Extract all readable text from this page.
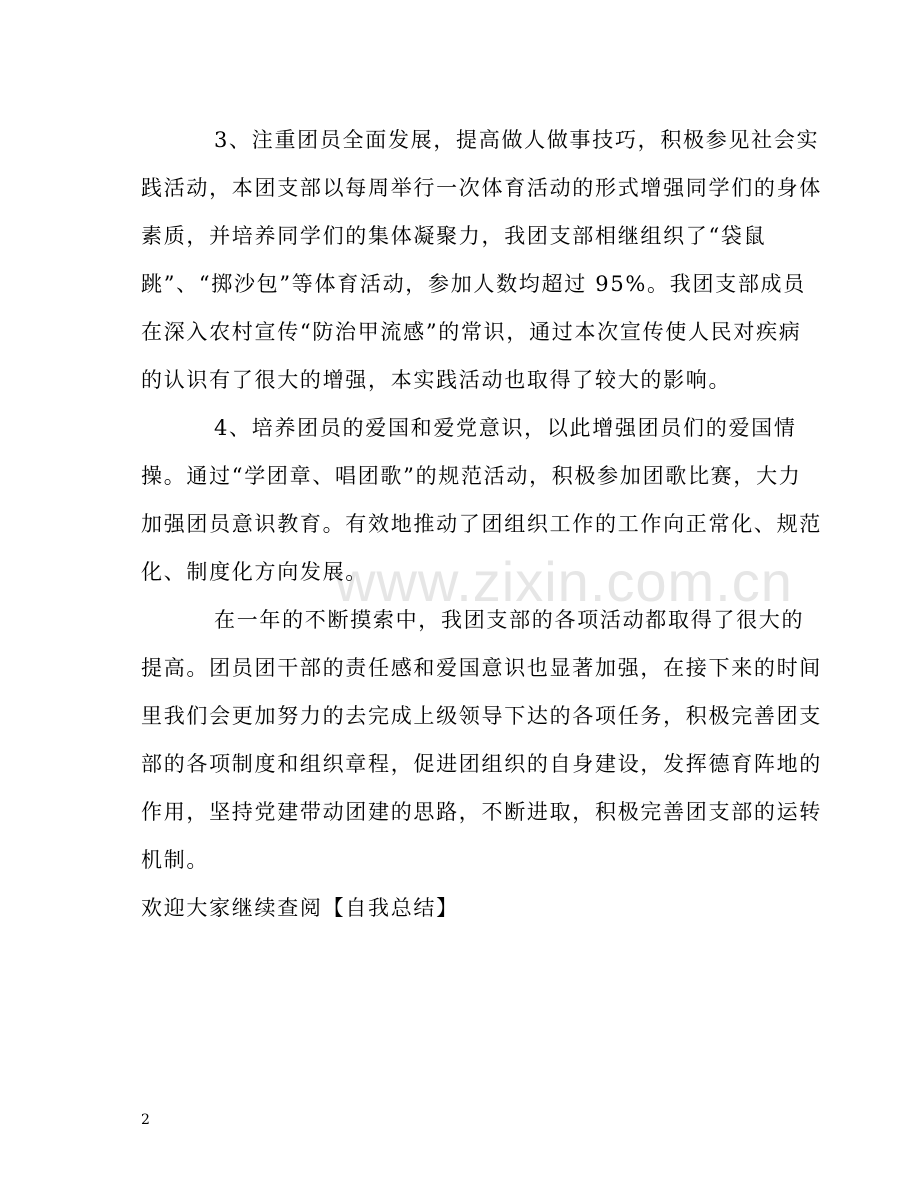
www.zixin.com.cn
3、注重团员全面发展，提高做人做事技巧，积极参见社会实
践活动，本团支部以每周举行一次体育活动的形式增强同学们的身体
素质，并培养同学们的集体凝聚力，我团支部相继组织了“袋鼠
跳”、“掷沙包”等体育活动，参加人数均超过 95%。我团支部成员
在深入农村宣传“防治甲流感”的常识，通过本次宣传使人民对疾病
的认识有了很大的增强，本实践活动也取得了较大的影响。
4、培养团员的爱国和爱党意识，以此增强团员们的爱国情
操。通过“学团章、唱团歌”的规范活动，积极参加团歌比赛，大力
加强团员意识教育。有效地推动了团组织工作的工作向正常化、规范
化、制度化方向发展。
在一年的不断摸索中，我团支部的各项活动都取得了很大的
提高。团员团干部的责任感和爱国意识也显著加强，在接下来的时间
里我们会更加努力的去完成上级领导下达的各项任务，积极完善团支
部的各项制度和组织章程，促进团组织的自身建设，发挥德育阵地的
作用，坚持党建带动团建的思路，不断进取，积极完善团支部的运转
机制。
欢迎大家继续查阅【自我总结】
2
